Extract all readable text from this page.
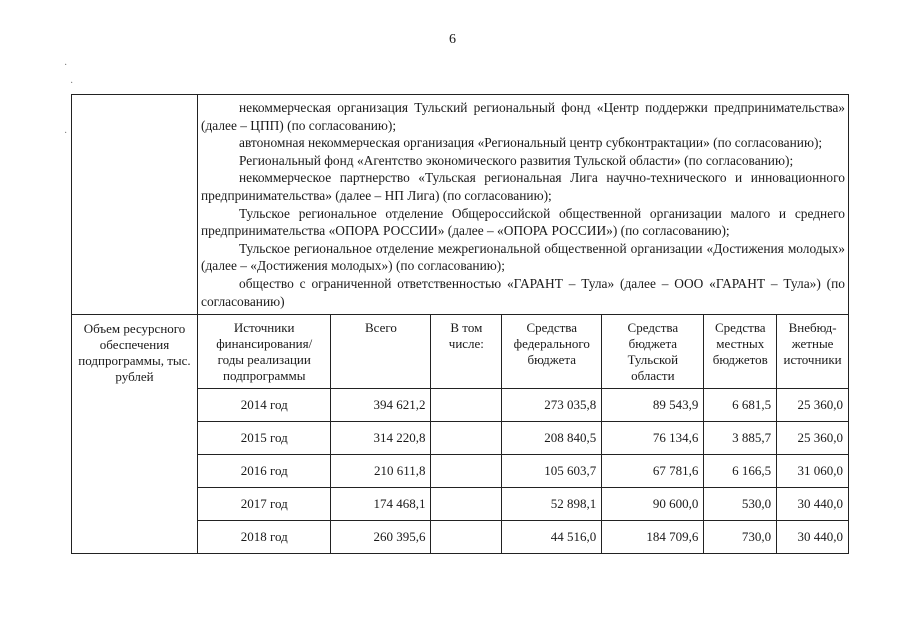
6
·
·
·

некоммерческая организация Тульский региональный фонд «Центр поддержки предпринимательства» (далее – ЦПП) (по согласованию);

автономная некоммерческая организация «Региональный центр субконтрактации» (по согласованию);

Региональный фонд «Агентство экономического развития Тульской области» (по согласованию);

некоммерческое партнерство «Тульская региональная Лига научно-технического и инновационного предпринимательства» (далее – НП Лига) (по согласованию);

Тульское региональное отделение Общероссийской общественной организации малого и среднего предпринимательства «ОПОРА РОССИИ» (далее – «ОПОРА РОССИИ») (по согласованию);

Тульское региональное отделение межрегиональной общественной организации «Достижения молодых» (далее – «Достижения молодых») (по согласованию);

общество с ограниченной ответственностью «ГАРАНТ – Тула» (далее – ООО «ГАРАНТ – Тула») (по согласованию)

Объем ресурсного обеспечения подпрограммы, тыс. рублей	
Источники финансирования/ годы реализации подпрограммы	Всего	В том числе:	Средства федерального бюджета	Средства бюджета Тульской области	Средства местных бюджетов	Внебюд-жетные источники
2014 год	394 621,2		273 035,8	89 543,9	6 681,5	25 360,0
2015 год	314 220,8		208 840,5	76 134,6	3 885,7	25 360,0
2016 год	210 611,8		105 603,7	67 781,6	6 166,5	31 060,0
2017 год	174 468,1		52 898,1	90 600,0	530,0	30 440,0
2018 год	260 395,6		44 516,0	184 709,6	730,0	30 440,0
